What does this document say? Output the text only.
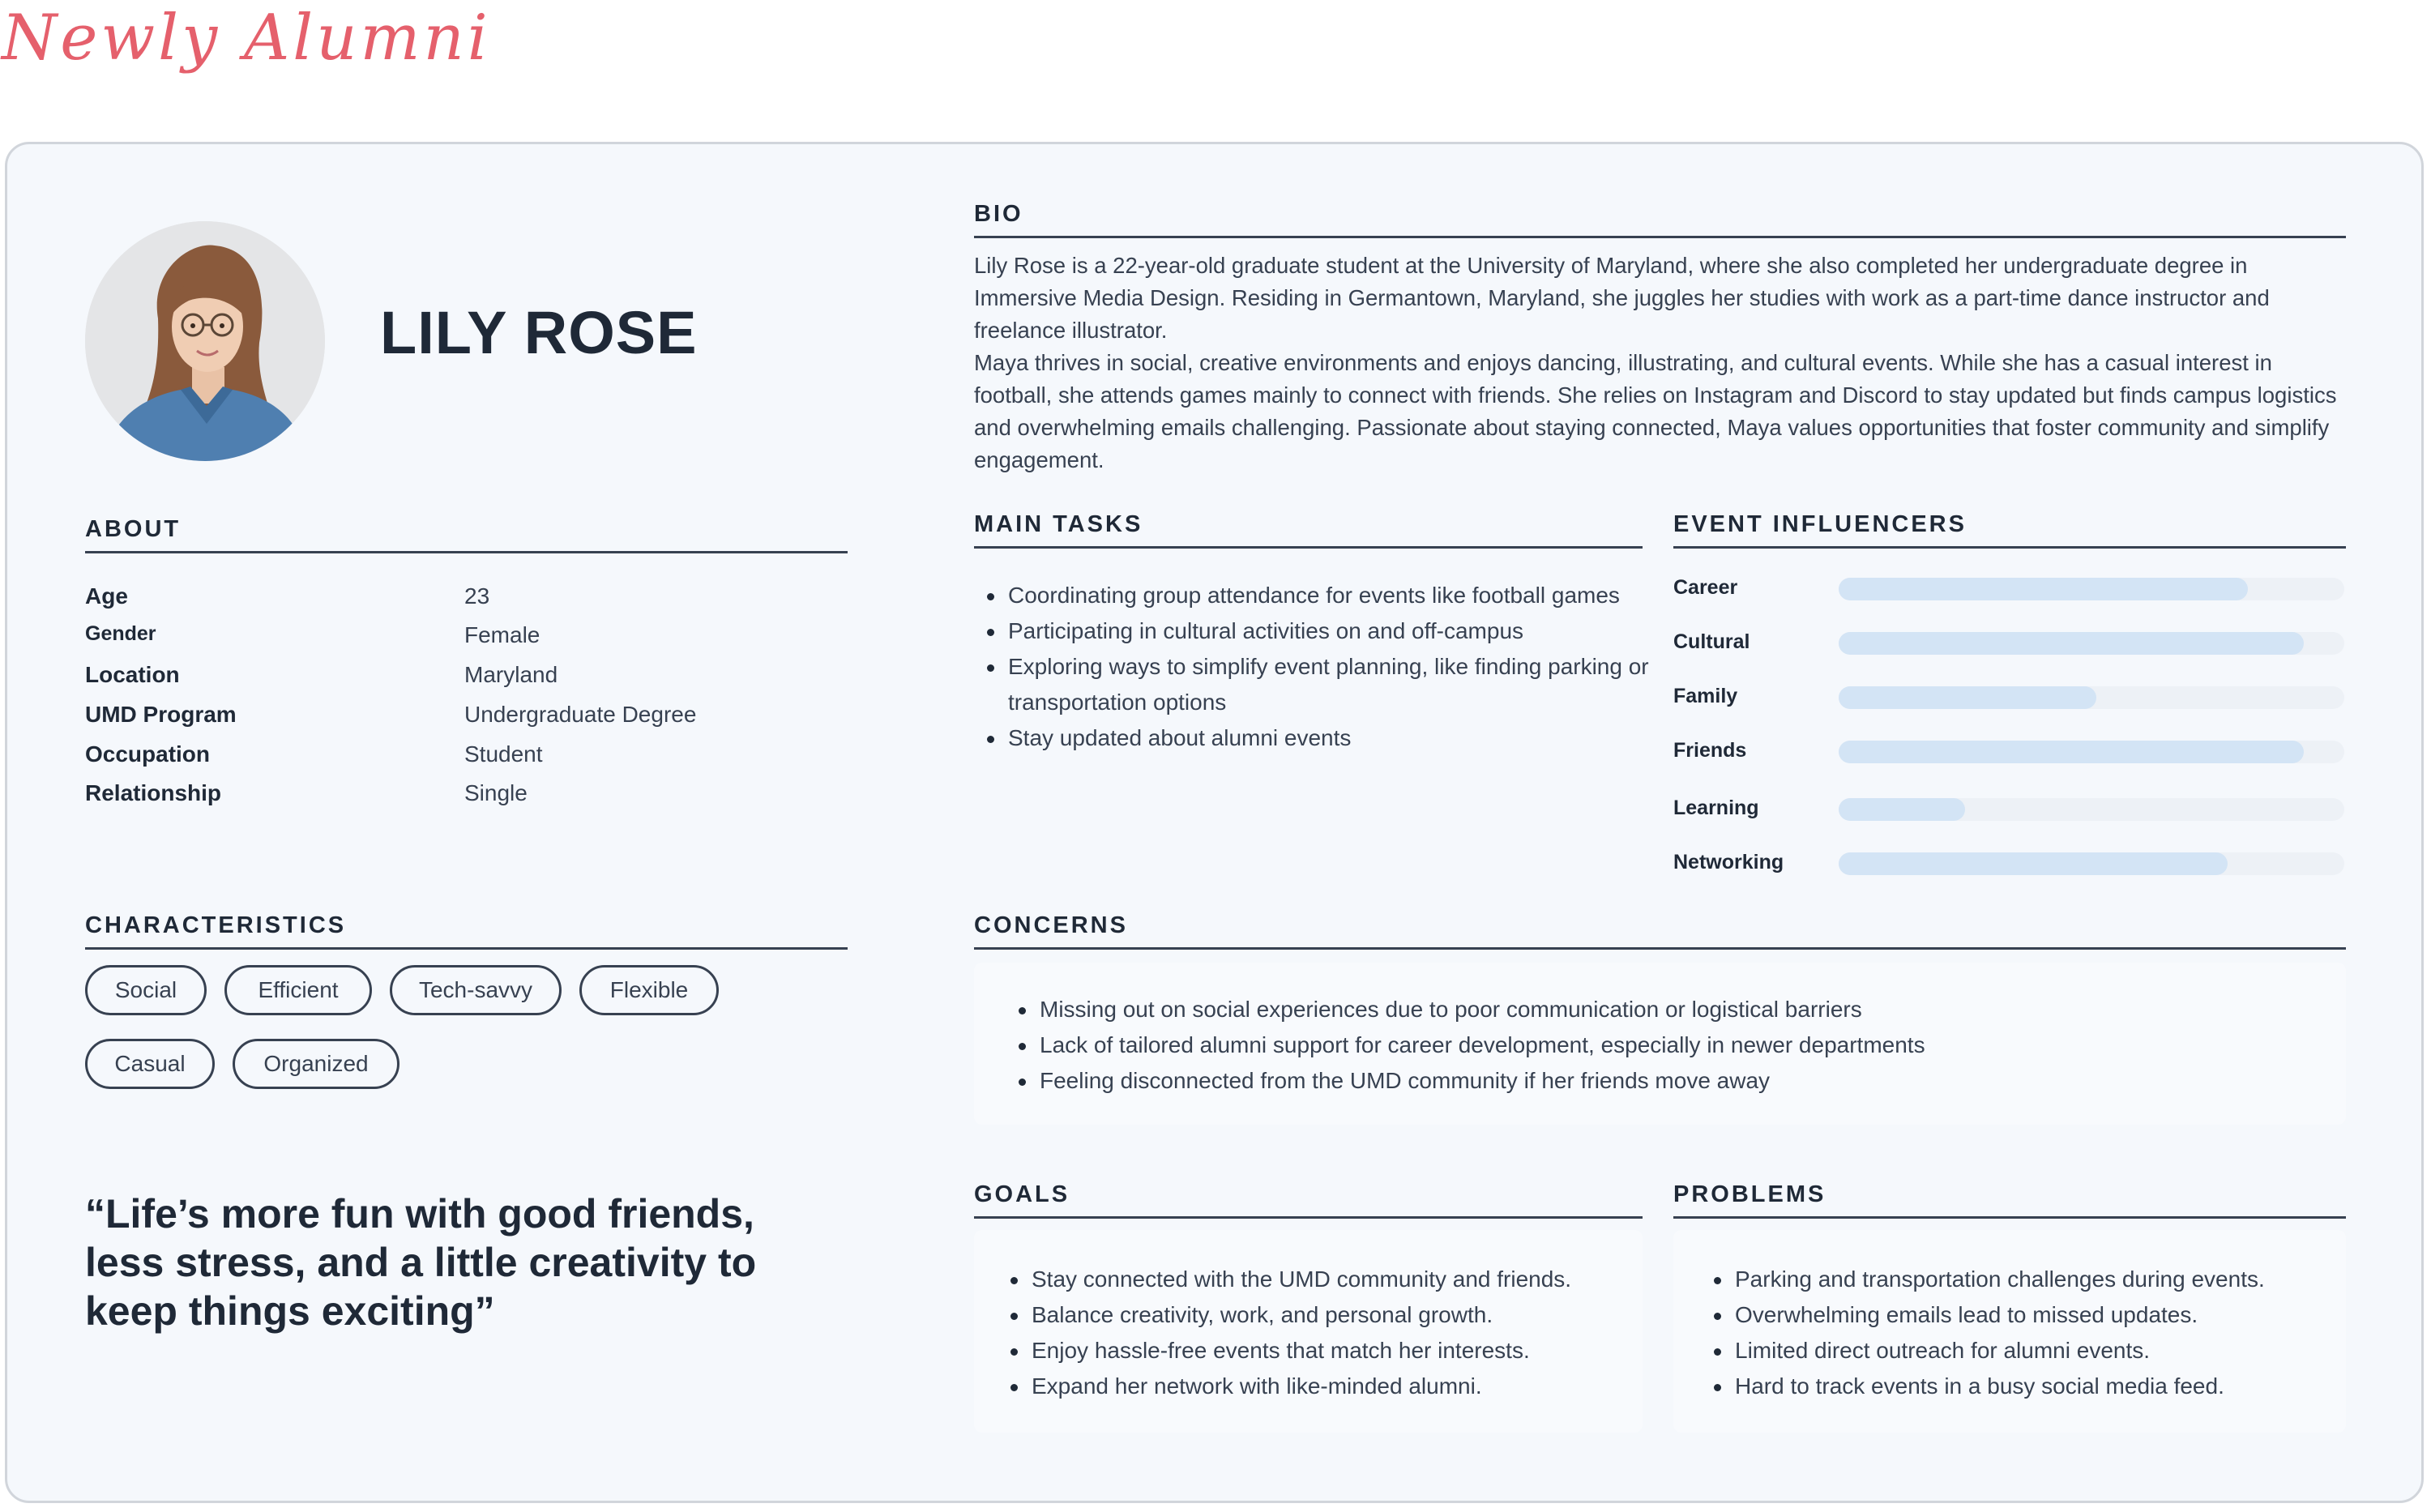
Newly Alumni
LILY ROSE
ABOUT
Age	23
Gender	Female
Location	Maryland
UMD Program	Undergraduate Degree
Occupation	Student
Relationship	Single
CHARACTERISTICS
Social	Efficient	Tech-savvy	Flexible
Casual	Organized

“Life’s more fun with good friends, less stress, and a little creativity to keep things exciting”

BIO

Lily Rose is a 22-year-old graduate student at the University of Maryland, where she also completed her undergraduate degree in Immersive Media Design. Residing in Germantown, Maryland, she juggles her studies with work as a part-time dance instructor and freelance illustrator.

Maya thrives in social, creative environments and enjoys dancing, illustrating, and cultural events. While she has a casual interest in football, she attends games mainly to connect with friends. She relies on Instagram and Discord to stay updated but finds campus logistics and overwhelming emails challenging. Passionate about staying connected, Maya values opportunities that foster community and simplify engagement.

MAIN TASKS
Coordinating group attendance for events like football games
Participating in cultural activities on and off-campus
Exploring ways to simplify event planning, like finding parking or transportation options
Stay updated about alumni events
EVENT INFLUENCERS
Career
Cultural
Family
Friends
Learning
Networking
CONCERNS
Missing out on social experiences due to poor communication or logistical barriers
Lack of tailored alumni support for career development, especially in newer departments
Feeling disconnected from the UMD community if her friends move away
GOALS
Stay connected with the UMD community and friends.
Balance creativity, work, and personal growth.
Enjoy hassle-free events that match her interests.
Expand her network with like-minded alumni.
PROBLEMS
Parking and transportation challenges during events.
Overwhelming emails lead to missed updates.
Limited direct outreach for alumni events.
Hard to track events in a busy social media feed.
